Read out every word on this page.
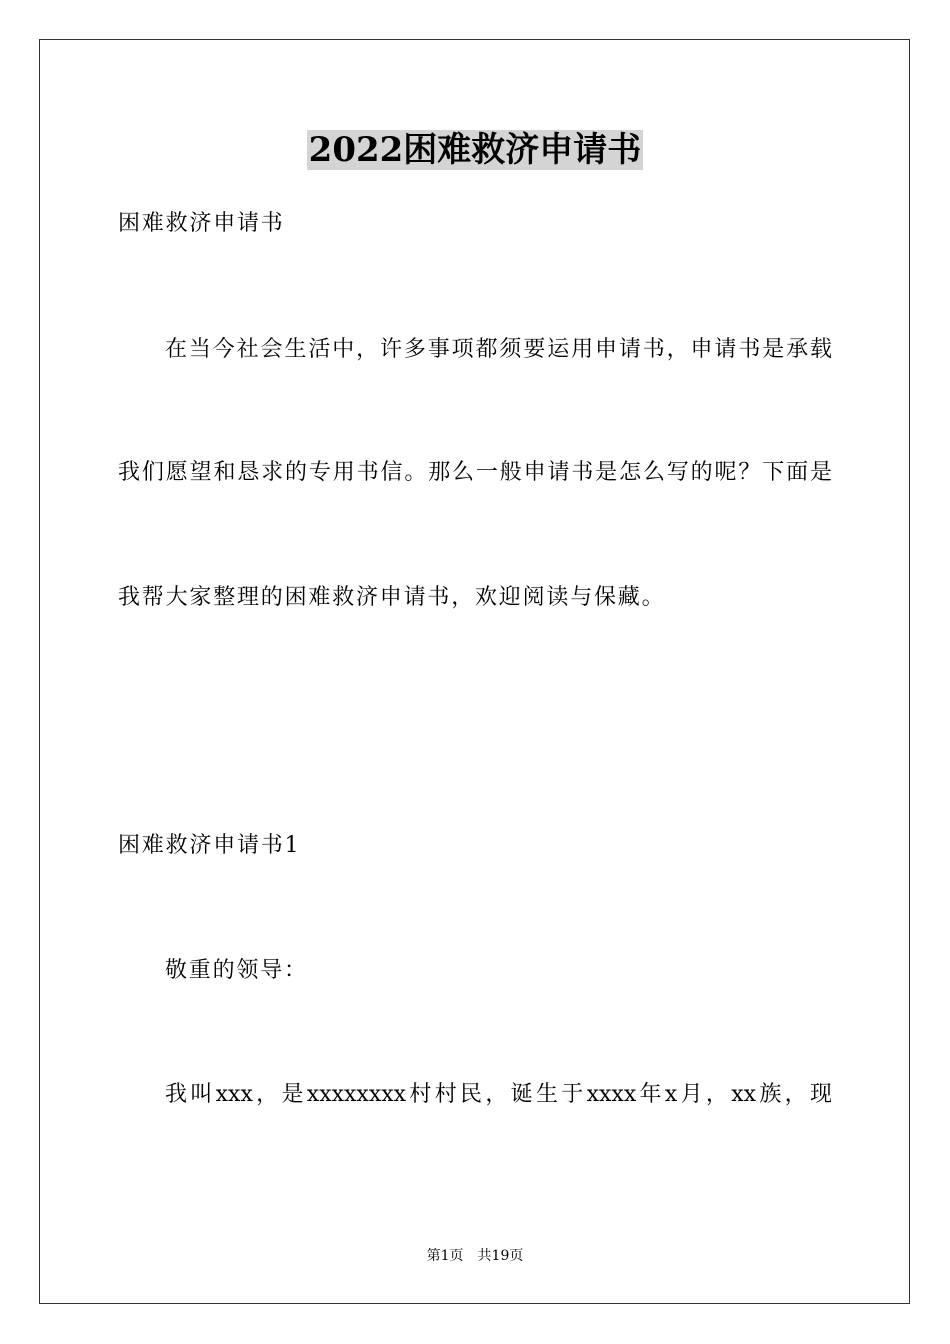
2022困难救济申请书
困难救济申请书
在当今社会生活中，许多事项都须要运用申请书，申请书是承载
我们愿望和恳求的专用书信。那么一般申请书是怎么写的呢？下面是
我帮大家整理的困难救济申请书，欢迎阅读与保藏。
困难救济申请书1
敬重的领导：
我叫xxx，是xxxxxxxx村村民，诞生于xxxx年x月，xx族，现
第1页 共19页
